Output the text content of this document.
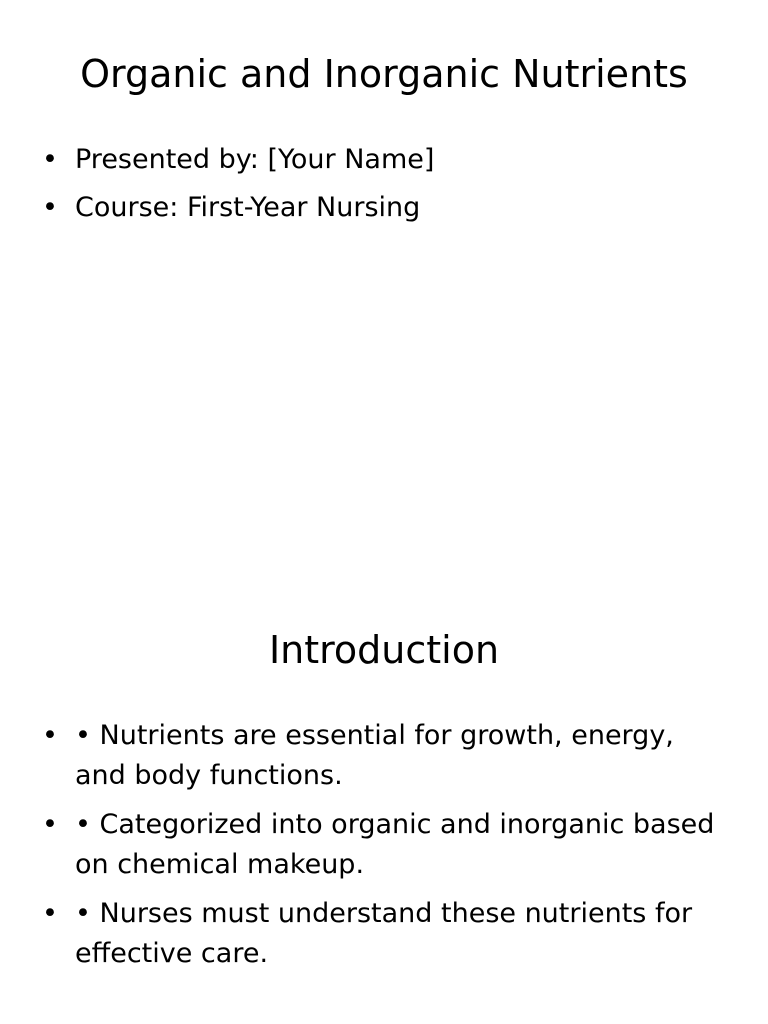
Organic and Inorganic Nutrients
• Presented by: [Your Name]
• Course: First-Year Nursing
Introduction
• • Nutrients are essential for growth, energy, and body functions.
• • Categorized into organic and inorganic based on chemical makeup.
• • Nurses must understand these nutrients for effective care.
